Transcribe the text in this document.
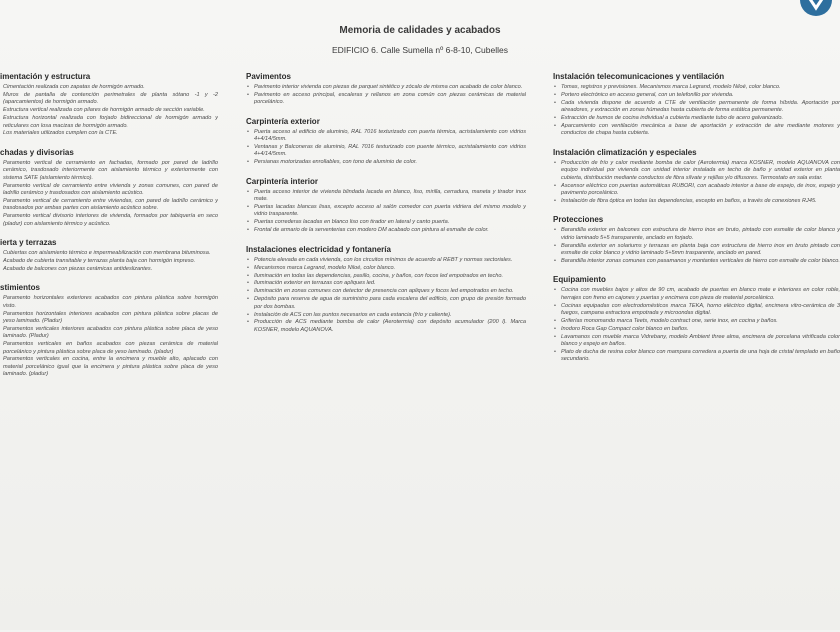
Memoria de calidades y acabados
EDIFICIO 6. Calle Sumella nº 6-8-10, Cubelles
imentación y estructura
Cimentación realizada con zapatas de hormigón armado.
Muros de pantalla de contención perimetrales de planta sótano -1 y -2 (aparcamientos) de hormigón armado.
Estructura vertical realizada con pilares de hormigón armado de sección variable.
Estructura horizontal realizada con forjado bidireccional de hormigón armado y reticulares con losa macizas de hormigón armado.
Los materiales utilizados cumplen con la CTE.
chadas y divisorias
Paramento vertical de cerramiento en fachadas, formado por pared de ladrillo cerámico, trasdosado interiormente con aislamiento térmico y exteriormente con sistema SATE (aislamiento térmico).
Paramento vertical de cerramiento entre vivienda y zonas comunes, con pared de ladrillo cerámico y trasdosados con aislamiento acústico.
Paramento vertical de cerramiento entre viviendas, con pared de ladrillo cerámico y trasdosados por ambas partes con aislamiento acústico sobre.
Paramento vertical divisorio interiores de vivienda, formados por tabiquería en seco (pladur) con aislamiento térmico y acústico.
ierta y terrazas
Cubiertas con aislamiento térmico e impermeabilización con membrana bituminosa.
Acabado de cubierta transitable y terrazas planta baja con hormigón impreso.
Acabado de balcones con piezas cerámicas antideslizantes.
stimientos
Paramento horizontales exteriores acabados con pintura plástica sobre hormigón visto.
Paramentos horizontales interiores acabados con pintura plástica sobre placas de yeso laminado. (Pladur)
Paramentos verticales interiores acabados con pintura plástica sobre placa de yeso laminado. (Pladur)
Paramentos verticales en baños acabados con piezas cerámica de material porcelánico y pintura plástica sobre placa de yeso laminado. (pladur)
Paramentos verticales en cocina, entre la encimera y mueble alto, aplacado con material porcelánico igual que la encimera y pintura plástica sobre placa de yeso laminado. (pladur)
Pavimentos
• Pavimento interior vivienda con piezas de parquet sintético y zócalo de misma con acabado de color blanco.
• Pavimento en acceso principal, escaleras y rellanos en zona común con piezas cerámicas de material porcelánico.
Carpintería exterior
• Puerta acceso al edificio de aluminio, RAL 7016 texturizado con puerta térmica, acristalamiento con vidrios 4+4/14/5mm.
• Ventanas y Balconeras de aluminio, RAL 7016 texturizado con puente térmico, acristalamiento con vidrios 4+4/14/5mm.
• Persianas motorizadas enrollables, con tono de aluminio de color.
Carpintería interior
• Puerta acceso interior de vivienda blindada lacada en blanco, liso, mirilla, cerradura, maneta y tirador inox mate.
• Puertas lacadas blancas lisas, excepto acceso al salón comedor con puerta vidriera del mismo modelo y vidrio trasparente.
• Puertas correderas lacadas en blanco liso con tirador en lateral y canto puerta.
• Frontal de armario de la serventerias con modero DM acabado con pintura al esmalte de color.
Instalaciones electricidad y fontanería
• Potencia elevada en cada vivienda, con los circuitos mínimos de acuerdo al REBT y normas sectoriales.
• Mecanismos marca Legrand, modelo Niloé, color blanco.
• Iluminación en todas las dependencias, pasillo, cocina, y baños, con focos led empotrados en techo.
• Iluminación exterior en terrazas con apliques led.
• Iluminación en zonas comunes con detector de presencia con apliques y focos led empotrados en techo.
• Depósito para reserva de agua de suministro para cada escalera del edificio, con grupo de presión formado por dos bombas.
• Instalación de ACS con las puntos necesarios en cada estancia (frío y caliente).
• Producción de ACS mediante bomba de calor (Aerotermia) con depósito acumulador (200 l). Marca KOSNER, modelo AQUANOVA.
Instalación telecomunicaciones y ventilación
• Tomas, registros y previsiones. Mecanismos marca Legrand, modelo Niloé, color blanco.
• Portero electrónico en acceso general, con un telefonillo por vivienda.
• Cada vivienda dispone de acuerdo a CTE de ventilación permanente de forma híbrida. Aportación por aireadores, y extracción en zonas húmedas hasta cubierta de forma estática permanente.
• Extracción de humos de cocina individual a cubierta mediante tubo de acero galvanizado.
• Aparcamiento con ventilación mecánica a base de aportación y extracción de aire mediante motores y conductos de chapa hasta cubierta.
Instalación climatización y especiales
• Producción de frío y calor mediante bomba de calor (Aerotermia) marca KOSNER, modelo AQUANOVA con equipo individual por vivienda con unidad interior instalada en techo de baño y unidad exterior en planta cubierta, distribución mediante conductos de fibra sílvate y rejillas y/o difusores. Termostato en sala estar.
• Ascensor eléctrico con puertas automáticas RUBORI, con acabado interior a base de espejo, de inox, espejo y pavimento porcelánico.
• Instalación de fibra óptica en todas las dependencias, excepto en baños, a través de conexiones RJ45.
Protecciones
• Barandilla exterior en balcones con estructura de hierro inox en bruto, pintado con esmalte de color blanco y vidrio laminado 5+5 transparente, anclado en forjado.
• Barandilla exterior en solariums y terrazas en planta baja con estructura de hierro inox en bruto pintado con esmalte de color blanco y vidrio laminado 5+5mm trasparente, anclado en pared.
• Barandilla interior zonas comunes con pasamanos y montantes verticales de hierro con esmalte de color blanco.
Equipamiento
• Cocina con muebles bajos y altos de 90 cm, acabado de puertas en blanco mate e interiores en color roble, herrajes con freno en cajones y puertas y encimera con pieza de material porcelánico.
• Cocinas equipadas con electrodomésticos marca TEKA, horno eléctrico digital, encimera vitro-cerámica de 3 fuegos, campana extractora empotrada y microondas digital.
• Griferías monomando marca Teets, modelo contract one, serie inox, en cocina y baños.
• Inodoro Roca Gap Compact color blanco en baños.
• Lavamanos con mueble marca Vidrebany, modelo Ambient three alma, encimera de porcelana vitrificada color blanco y espejo en baños.
• Plato de ducha de resina color blanco con mampara corredera a puerta de una hoja de cristal templado en baño secundario.
